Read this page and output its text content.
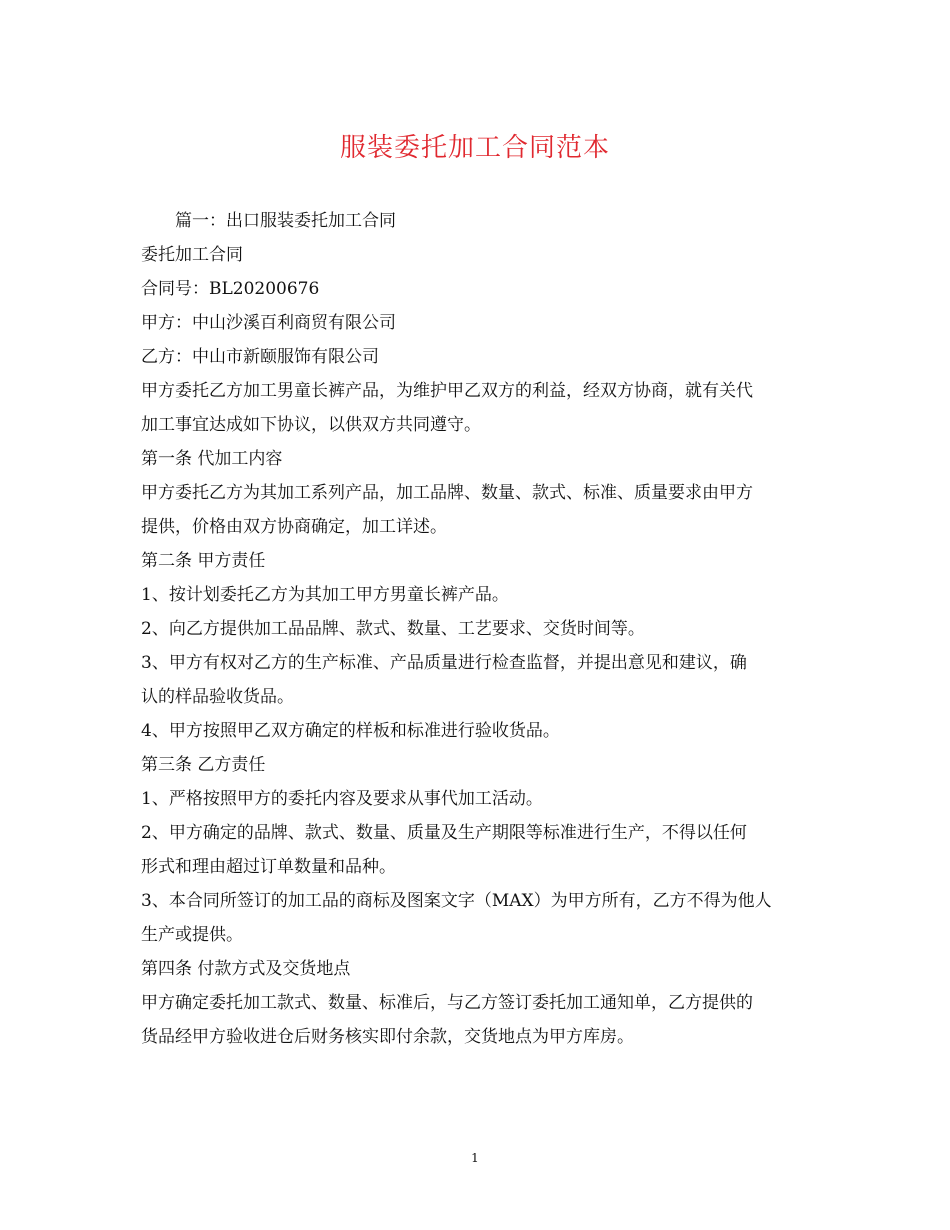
服装委托加工合同范本
篇一：出口服装委托加工合同
委托加工合同
合同号：BL20200676
甲方：中山沙溪百利商贸有限公司
乙方：中山市新颐服饰有限公司
甲方委托乙方加工男童长裤产品，为维护甲乙双方的利益，经双方协商，就有关代
加工事宜达成如下协议，以供双方共同遵守。
第一条 代加工内容
甲方委托乙方为其加工系列产品，加工品牌、数量、款式、标准、质量要求由甲方
提供，价格由双方协商确定，加工详述。
第二条 甲方责任
1、按计划委托乙方为其加工甲方男童长裤产品。
2、向乙方提供加工品品牌、款式、数量、工艺要求、交货时间等。
3、甲方有权对乙方的生产标准、产品质量进行检查监督，并提出意见和建议，确
认的样品验收货品。
4、甲方按照甲乙双方确定的样板和标准进行验收货品。
第三条 乙方责任
1、严格按照甲方的委托内容及要求从事代加工活动。
2、甲方确定的品牌、款式、数量、质量及生产期限等标准进行生产，不得以任何
形式和理由超过订单数量和品种。
3、本合同所签订的加工品的商标及图案文字（MAX）为甲方所有，乙方不得为他人
生产或提供。
第四条 付款方式及交货地点
甲方确定委托加工款式、数量、标准后，与乙方签订委托加工通知单，乙方提供的
货品经甲方验收进仓后财务核实即付余款，交货地点为甲方库房。
1
